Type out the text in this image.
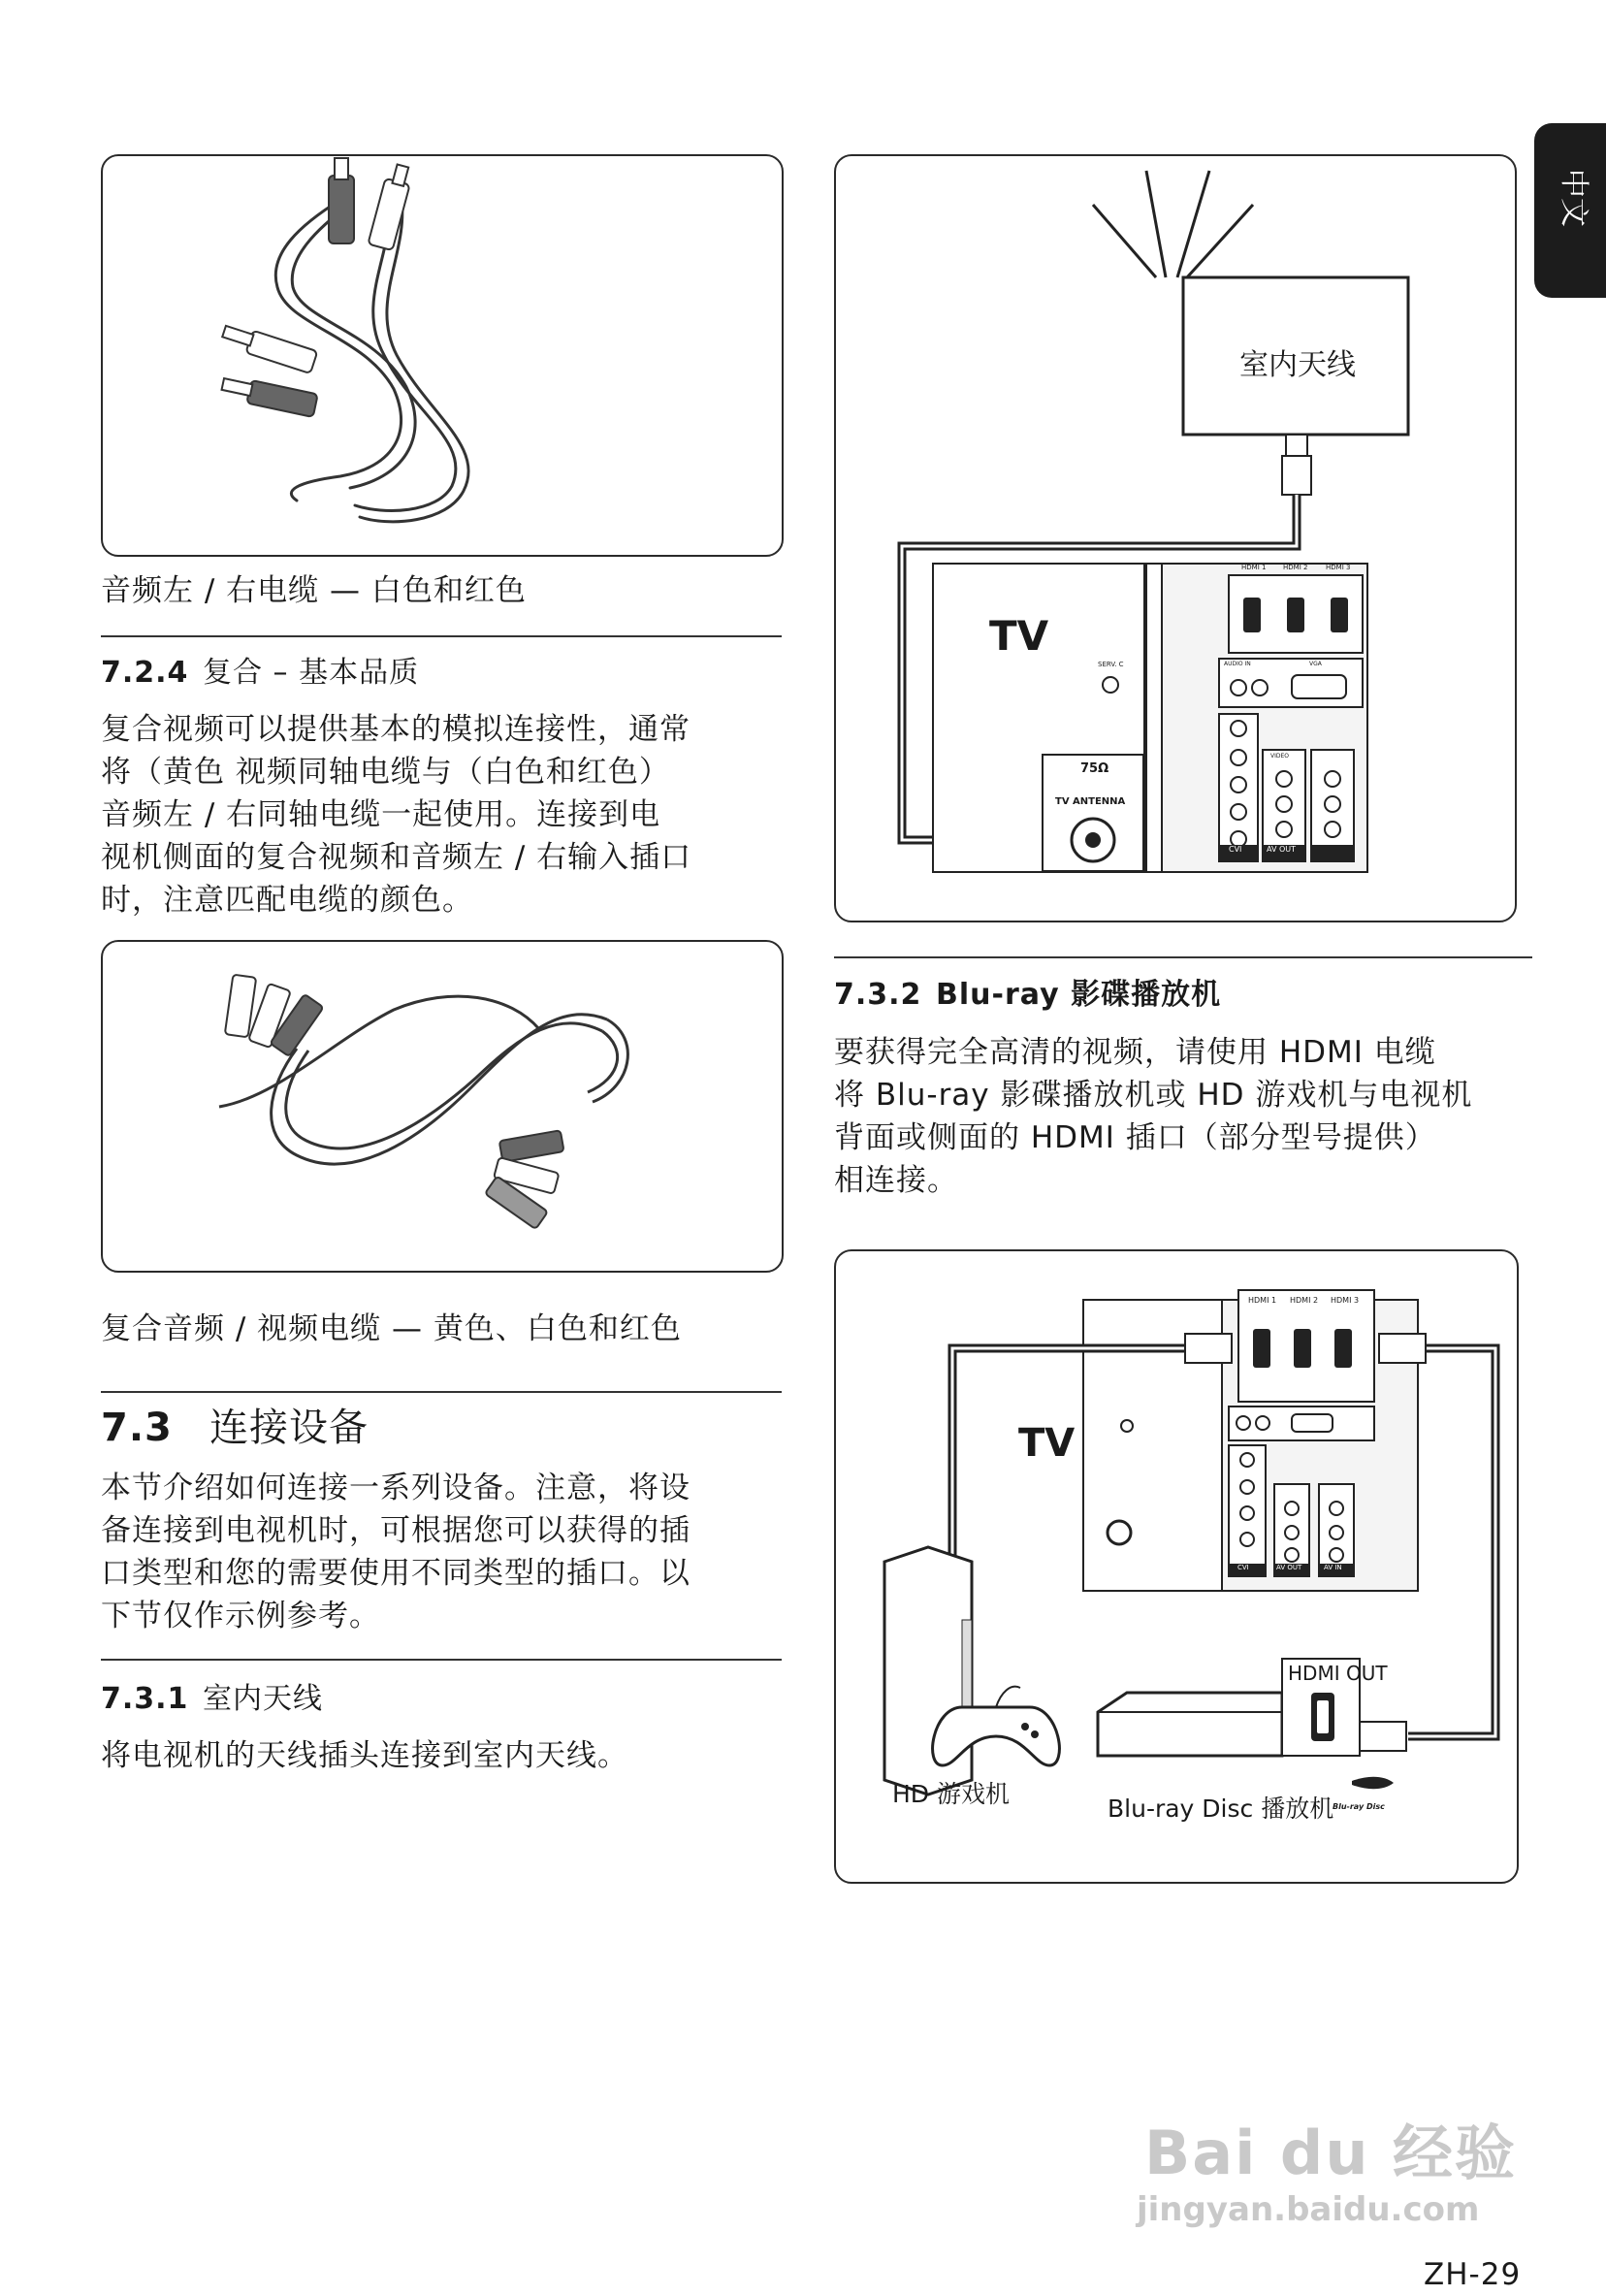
中文
音频左 / 右电缆 — 白色和红色
7.2.4 复合 – 基本品质
复合视频可以提供基本的模拟连接性，通常
将（黄色 视频同轴电缆与（白色和红色）
音频左 / 右同轴电缆一起使用。连接到电
视机侧面的复合视频和音频左 / 右输入插口
时，注意匹配电缆的颜色。
复合音频 / 视频电缆 — 黄色、白色和红色
7.3 连接设备
本节介绍如何连接一系列设备。注意，将设
备连接到电视机时，可根据您可以获得的插
口类型和您的需要使用不同类型的插口。以
下节仅作示例参考。
7.3.1 室内天线
将电视机的天线插头连接到室内天线。
室内天线
TV
75Ω
TV ANTENNA
SERV. C
HDMI 1	HDMI 2	HDMI 3
AUDIO IN	VGA
VIDEO
CVI	AV OUT
7.3.2 Blu-ray 影碟播放机
要获得完全高清的视频，请使用 HDMI 电缆
将 Blu-ray 影碟播放机或 HD 游戏机与电视机
背面或侧面的 HDMI 插口（部分型号提供）
相连接。
TV
HDMI 1 HDMI 2 HDMI 3
CVI	AV OUT	AV IN
HDMI OUT
HD 游戏机
Blu-ray Disc 播放机
Blu-ray Disc
Bai du 经验
jingyan.baidu.com
ZH-29
